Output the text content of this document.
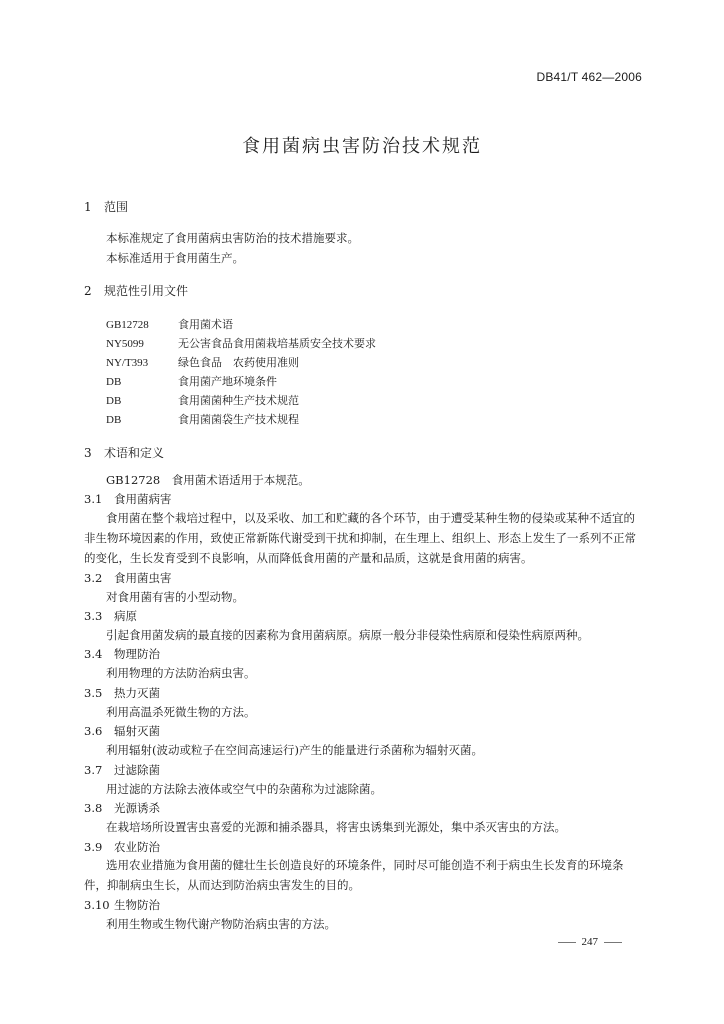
DB41/T 462—2006
食用菌病虫害防治技术规范
1 范围
本标准规定了食用菌病虫害防治的技术措施要求。
本标准适用于食用菌生产。
2 规范性引用文件
GB12728	食用菌术语
NY5099	无公害食品食用菌栽培基质安全技术要求
NY/T393	绿色食品　农药使用准则
DB	食用菌产地环境条件
DB	食用菌菌种生产技术规范
DB	食用菌菌袋生产技术规程
3 术语和定义
GB12728　食用菌术语适用于本规范。
3.1 食用菌病害
食用菌在整个栽培过程中，以及采收、加工和贮藏的各个环节，由于遭受某种生物的侵染或某种不适宜的非生物环境因素的作用，致使正常新陈代谢受到干扰和抑制，在生理上、组织上、形态上发生了一系列不正常的变化，生长发育受到不良影响，从而降低食用菌的产量和品质，这就是食用菌的病害。
3.2 食用菌虫害
对食用菌有害的小型动物。
3.3 病原
引起食用菌发病的最直接的因素称为食用菌病原。病原一般分非侵染性病原和侵染性病原两种。
3.4 物理防治
利用物理的方法防治病虫害。
3.5 热力灭菌
利用高温杀死微生物的方法。
3.6 辐射灭菌
利用辐射(波动或粒子在空间高速运行)产生的能量进行杀菌称为辐射灭菌。
3.7 过滤除菌
用过滤的方法除去液体或空气中的杂菌称为过滤除菌。
3.8 光源诱杀
在栽培场所设置害虫喜爱的光源和捕杀器具，将害虫诱集到光源处，集中杀灭害虫的方法。
3.9 农业防治
选用农业措施为食用菌的健壮生长创造良好的环境条件，同时尽可能创造不利于病虫生长发育的环境条件，抑制病虫生长，从而达到防治病虫害发生的目的。
3.10 生物防治
利用生物或生物代谢产物防治病虫害的方法。
247
